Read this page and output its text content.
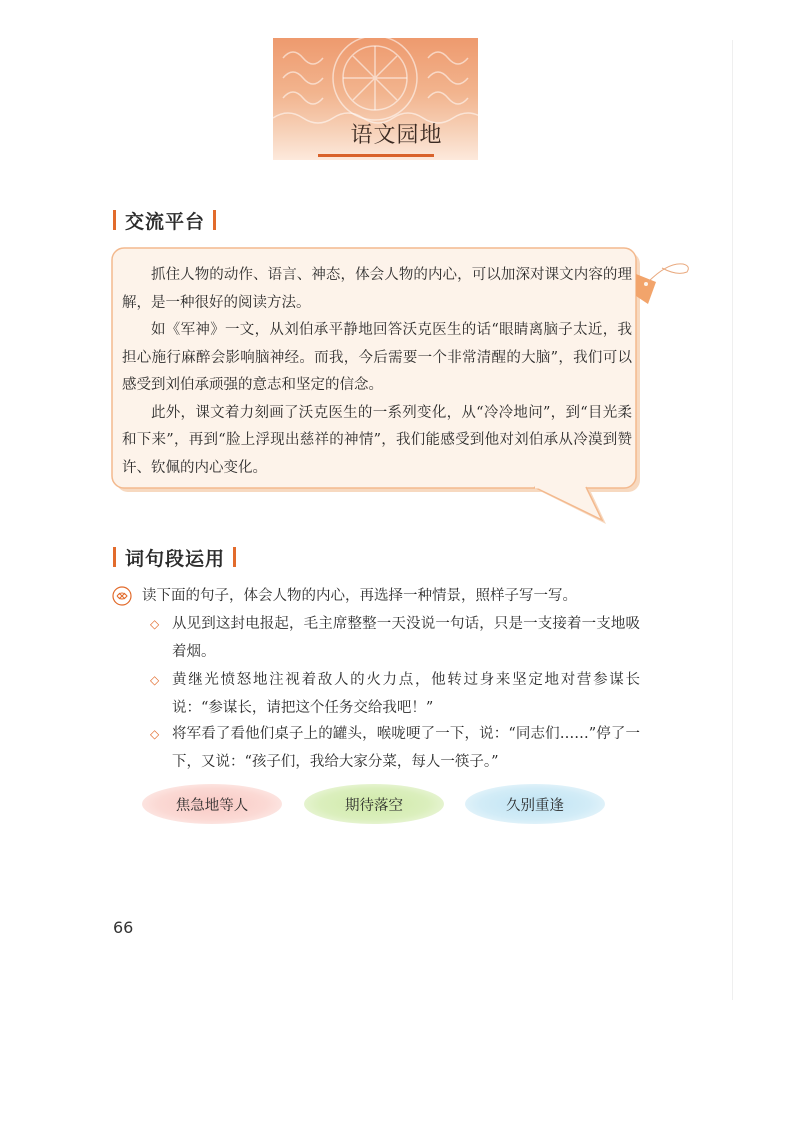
语文园地
交流平台

抓住人物的动作、语言、神态，体会人物的内心，可以加深对课文内容的理解，是一种很好的阅读方法。

如《军神》一文，从刘伯承平静地回答沃克医生的话“眼睛离脑子太近，我担心施行麻醉会影响脑神经。而我，今后需要一个非常清醒的大脑”，我们可以感受到刘伯承顽强的意志和坚定的信念。

此外，课文着力刻画了沃克医生的一系列变化，从“冷冷地问”，到“目光柔和下来”，再到“脸上浮现出慈祥的神情”，我们能感受到他对刘伯承从冷漠到赞许、钦佩的内心变化。

词句段运用
读下面的句子，体会人物的内心，再选择一种情景，照样子写一写。
◇ 从见到这封电报起，毛主席整整一天没说一句话，只是一支接着一支地吸着烟。
◇ 黄继光愤怒地注视着敌人的火力点，他转过身来坚定地对营参谋长说：“参谋长，请把这个任务交给我吧！”
◇ 将军看了看他们桌子上的罐头，喉咙哽了一下，说：“同志们……”停了一下，又说：“孩子们，我给大家分菜，每人一筷子。”
焦急地等人	期待落空	久别重逢
66
